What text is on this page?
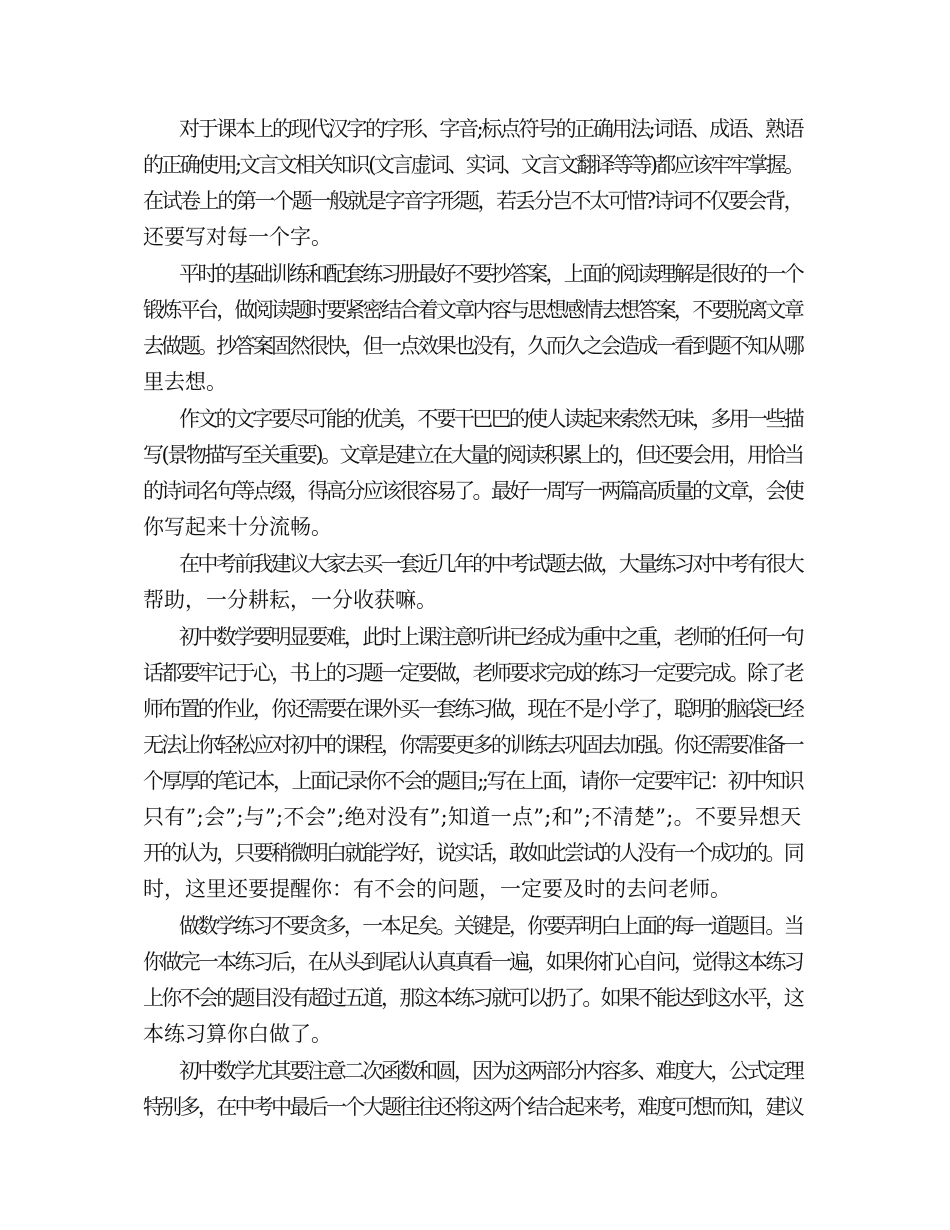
对于课本上的现代汉字的字形、字音;标点符号的正确用法;词语、成语、熟语

的正确使用;文言文相关知识(文言虚词、实词、文言文翻译等等)都应该牢牢掌握。

在试卷上的第一个题一般就是字音字形题，若丢分岂不太可惜?诗词不仅要会背，

还要写对每一个字。

平时的基础训练和配套练习册最好不要抄答案，上面的阅读理解是很好的一个

锻炼平台，做阅读题时要紧密结合着文章内容与思想感情去想答案，不要脱离文章

去做题。抄答案固然很快，但一点效果也没有，久而久之会造成一看到题不知从哪

里去想。

作文的文字要尽可能的优美，不要干巴巴的使人读起来索然无味，多用一些描

写(景物描写至关重要)。文章是建立在大量的阅读积累上的，但还要会用，用恰当

的诗词名句等点缀，得高分应该很容易了。最好一周写一两篇高质量的文章，会使

你写起来十分流畅。

在中考前我建议大家去买一套近几年的中考试题去做，大量练习对中考有很大

帮助，一分耕耘，一分收获嘛。

初中数学要明显要难，此时上课注意听讲已经成为重中之重，老师的任何一句

话都要牢记于心，书上的习题一定要做，老师要求完成的练习一定要完成。除了老

师布置的作业，你还需要在课外买一套练习做，现在不是小学了，聪明的脑袋已经

无法让你轻松应对初中的课程，你需要更多的训练去巩固去加强。你还需要准备一

个厚厚的笔记本，上面记录你不会的题目;;写在上面，请你一定要牢记：初中知识

只有”;会”;与”;不会”;绝对没有”;知道一点”;和”;不清楚”;。不要异想天

开的认为，只要稍微明白就能学好，说实话，敢如此尝试的人没有一个成功的。同

时，这里还要提醒你：有不会的问题，一定要及时的去问老师。

做数学练习不要贪多，一本足矣。关键是，你要弄明白上面的每一道题目。当

你做完一本练习后，在从头到尾认认真真看一遍，如果你扪心自问，觉得这本练习

上你不会的题目没有超过五道，那这本练习就可以扔了。如果不能达到这水平，这

本练习算你白做了。

初中数学尤其要注意二次函数和圆，因为这两部分内容多、难度大，公式定理

特别多，在中考中最后一个大题往往还将这两个结合起来考，难度可想而知，建议
